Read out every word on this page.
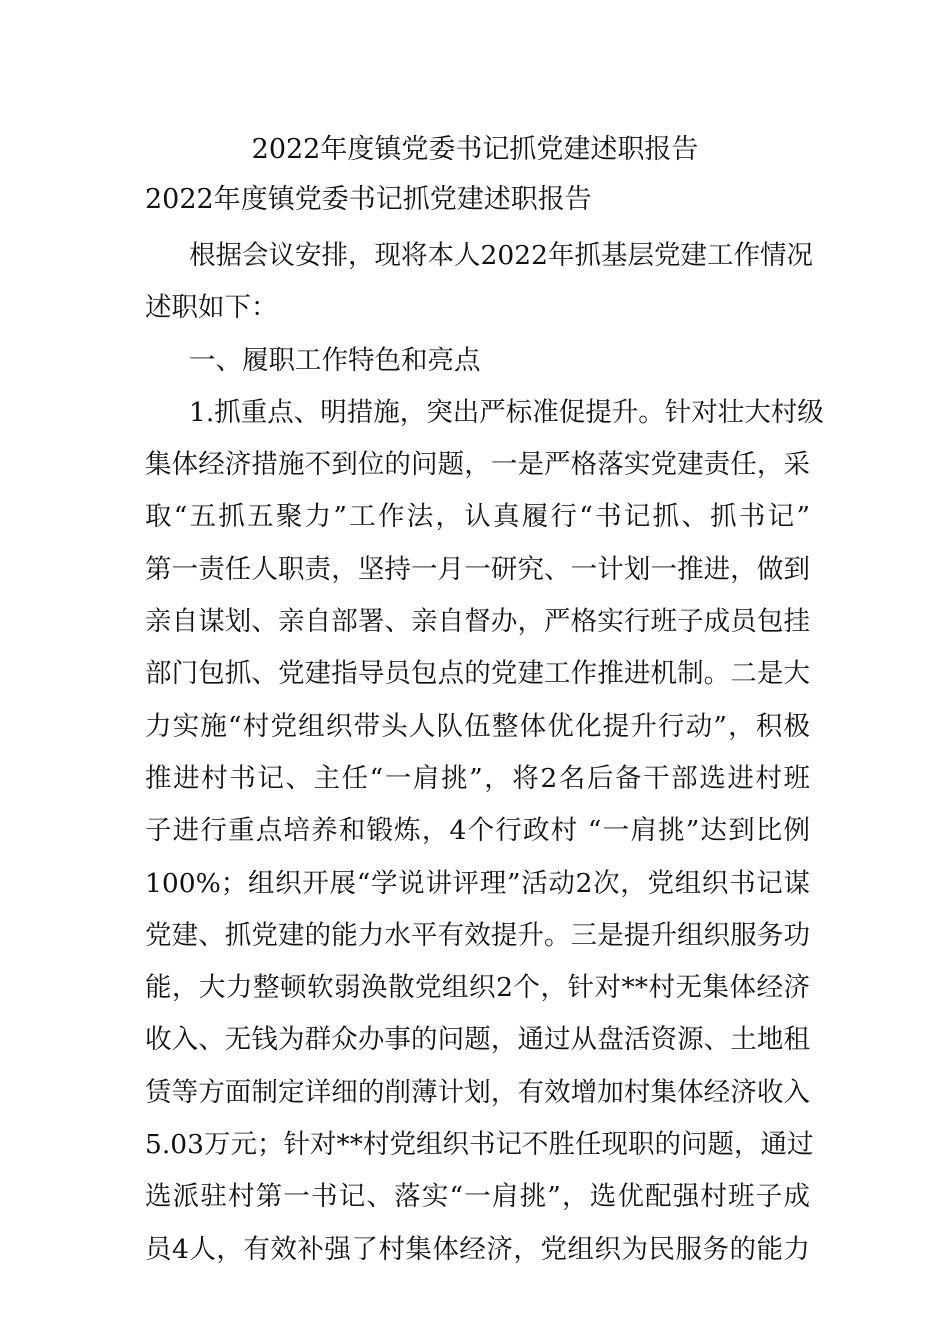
2022年度镇党委书记抓党建述职报告
2022年度镇党委书记抓党建述职报告
根据会议安排，现将本人2022年抓基层党建工作情况
述职如下：
一、履职工作特色和亮点
1.抓重点、明措施，突出严标准促提升。针对壮大村级
集体经济措施不到位的问题，一是严格落实党建责任，采
取“五抓五聚力”工作法，认真履行“书记抓、抓书记”
第一责任人职责，坚持一月一研究、一计划一推进，做到
亲自谋划、亲自部署、亲自督办，严格实行班子成员包挂
部门包抓、党建指导员包点的党建工作推进机制。二是大
力实施“村党组织带头人队伍整体优化提升行动”，积极
推进村书记、主任“一肩挑”，将2名后备干部选进村班
子进行重点培养和锻炼，4个行政村 “一肩挑”达到比例
100%；组织开展“学说讲评理”活动2次，党组织书记谋
党建、抓党建的能力水平有效提升。三是提升组织服务功
能，大力整顿软弱涣散党组织2个，针对**村无集体经济
收入、无钱为群众办事的问题，通过从盘活资源、土地租
赁等方面制定详细的削薄计划，有效增加村集体经济收入
5.03万元；针对**村党组织书记不胜任现职的问题，通过
选派驻村第一书记、落实“一肩挑”，选优配强村班子成
员4人，有效补强了村集体经济，党组织为民服务的能力
